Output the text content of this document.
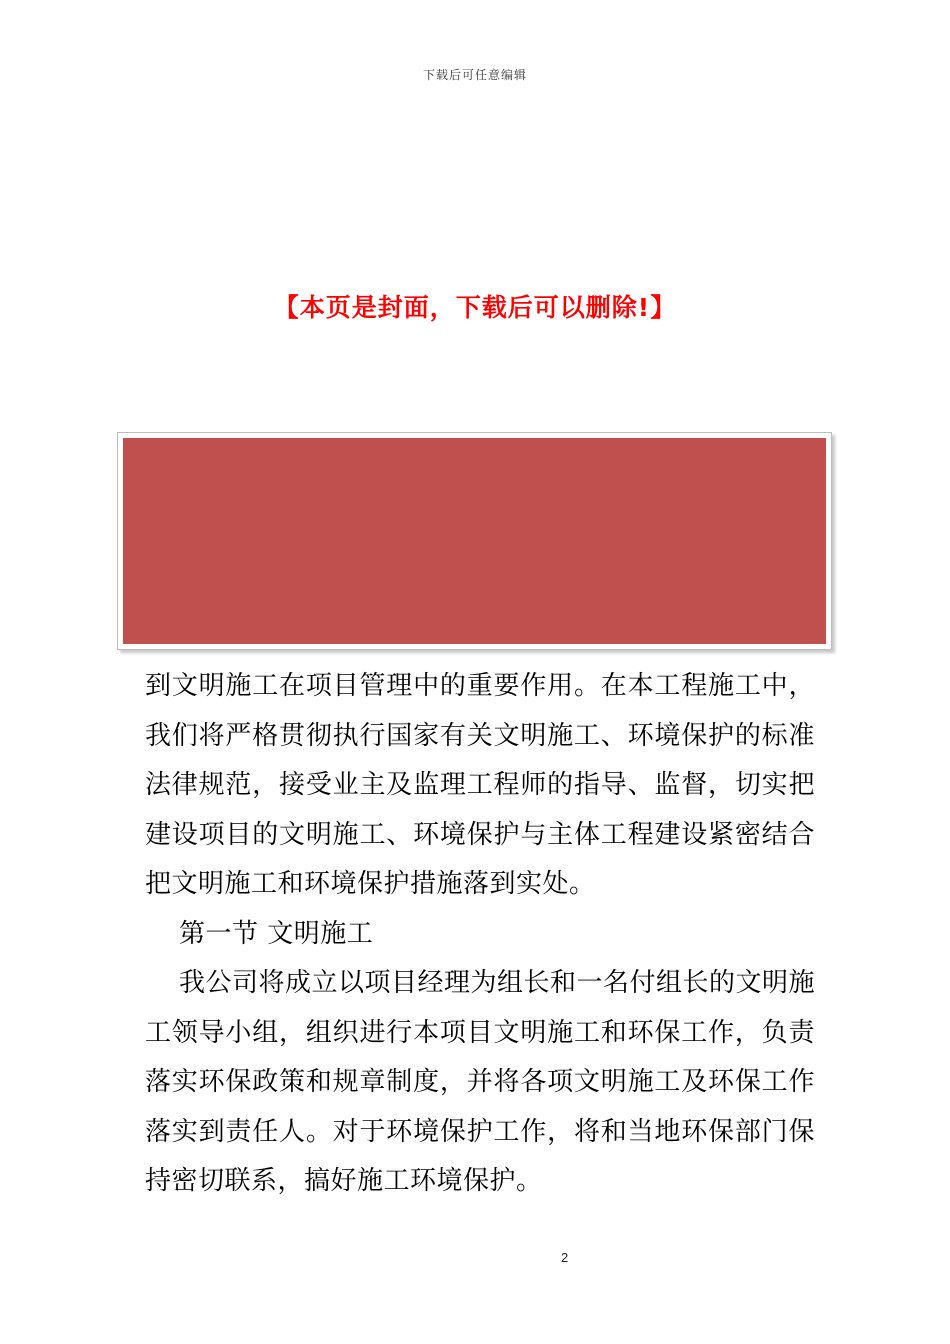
下载后可任意编辑
【本页是封面，下载后可以删除!】

到文明施工在项目管理中的重要作用。在本工程施工中，我们将严格贯彻执行国家有关文明施工、环境保护的标准法律规范，接受业主及监理工程师的指导、监督，切实把建设项目的文明施工、环境保护与主体工程建设紧密结合把文明施工和环境保护措施落到实处。

第一节 文明施工

我公司将成立以项目经理为组长和一名付组长的文明施工领导小组，组织进行本项目文明施工和环保工作，负责落实环保政策和规章制度，并将各项文明施工及环保工作落实到责任人。对于环境保护工作，将和当地环保部门保持密切联系，搞好施工环境保护。

2
